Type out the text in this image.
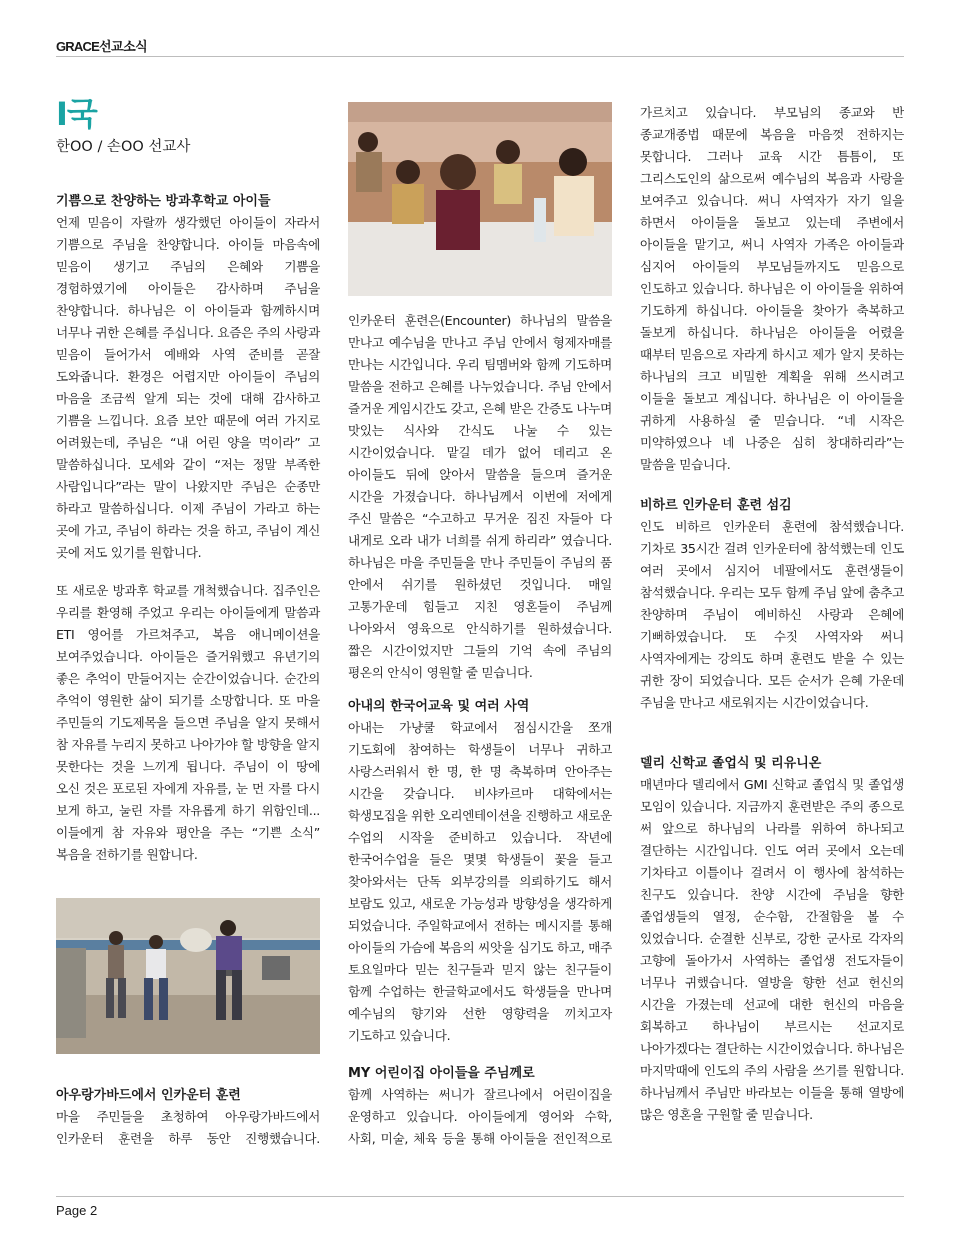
GRACE선교소식
I국
한OO / 손OO 선교사
기쁨으로 찬양하는 방과후학교 아이들

언제 믿음이 자랄까 생각했던 아이들이 자라서 기쁨으로 주님을 찬양합니다. 아이들 마음속에 믿음이 생기고 주님의 은혜와 기쁨을 경험하였기에 아이들은 감사하며 주님을 찬양합니다. 하나님은 이 아이들과 함께하시며 너무나 귀한 은혜를 주십니다. 요즘은 주의 사랑과 믿음이 들어가서 예배와 사역 준비를 곧잘 도와줍니다. 환경은 어렵지만 아이들이 주님의 마음을 조금씩 알게 되는 것에 대해 감사하고 기쁨을 느낍니다. 요즘 보안 때문에 여러 가지로 어려웠는데, 주님은 “내 어린 양을 먹이라” 고 말씀하십니다. 모세와 같이 “저는 정말 부족한 사람입니다”라는 말이 나왔지만 주님은 순종만 하라고 말씀하십니다. 이제 주님이 가라고 하는 곳에 가고, 주님이 하라는 것을 하고, 주님이 계신 곳에 저도 있기를 원합니다.

또 새로운 방과후 학교를 개척했습니다. 집주인은 우리를 환영해 주었고 우리는 아이들에게 말씀과 ETI 영어를 가르쳐주고, 복음 애니메이션을 보여주었습니다. 아이들은 즐거워했고 유년기의 좋은 추억이 만들어지는 순간이었습니다. 순간의 추억이 영원한 삶이 되기를 소망합니다. 또 마을 주민들의 기도제목을 들으면 주님을 알지 못해서 참 자유를 누리지 못하고 나아가야 할 방향을 알지 못한다는 것을 느끼게 됩니다. 주님이 이 땅에 오신 것은 포로된 자에게 자유를, 눈 먼 자를 다시 보게 하고, 눌린 자를 자유롭게 하기 위함인데... 이들에게 참 자유와 평안을 주는 “기쁜 소식” 복음을 전하기를 원합니다.

아우랑가바드에서 인카운터 훈련

마을 주민들을 초청하여 아우랑가바드에서 인카운터 훈련을 하루 동안 진행했습니다.

인카운터 훈련은(Encounter) 하나님의 말씀을 만나고 예수님을 만나고 주님 안에서 형제자매를 만나는 시간입니다. 우리 팀멤버와 함께 기도하며 말씀을 전하고 은혜를 나누었습니다. 주님 안에서 즐거운 게임시간도 갖고, 은혜 받은 간증도 나누며 맛있는 식사와 간식도 나눌 수 있는 시간이었습니다. 맡길 데가 없어 데리고 온 아이들도 뒤에 앉아서 말씀을 들으며 즐거운 시간을 가졌습니다. 하나님께서 이번에 저에게 주신 말씀은 “수고하고 무거운 짐진 자들아 다 내게로 오라 내가 너희를 쉬게 하리라” 였습니다. 하나님은 마을 주민들을 만나 주민들이 주님의 품 안에서 쉬기를 원하셨던 것입니다. 매일 고통가운데 힘들고 지친 영혼들이 주님께 나아와서 영육으로 안식하기를 원하셨습니다. 짧은 시간이었지만 그들의 기억 속에 주님의 평온의 안식이 영원할 줄 믿습니다.

아내의 한국어교육 및 여러 사역

아내는 가냥쿨 학교에서 점심시간을 쪼개 기도회에 참여하는 학생들이 너무나 귀하고 사랑스러워서 한 명, 한 명 축복하며 안아주는 시간을 갖습니다. 비샤카르마 대학에서는 학생모집을 위한 오리엔테이션을 진행하고 새로운 수업의 시작을 준비하고 있습니다. 작년에 한국어수업을 들은 몇몇 학생들이 꽃을 들고 찾아와서는 단독 외부강의를 의뢰하기도 해서 보람도 있고, 새로운 가능성과 방향성을 생각하게 되었습니다. 주일학교에서 전하는 메시지를 통해 아이들의 가슴에 복음의 씨앗을 심기도 하고, 매주 토요일마다 믿는 친구들과 믿지 않는 친구들이 함께 수업하는 한글학교에서도 학생들을 만나며 예수님의 향기와 선한 영향력을 끼치고자 기도하고 있습니다.

MY 어린이집 아이들을 주님께로

함께 사역하는 써니가 잘르나에서 어린이집을 운영하고 있습니다. 아이들에게 영어와 수학, 사회, 미술, 체육 등을 통해 아이들을 전인적으로

가르치고 있습니다. 부모님의 종교와 반 종교개종법 때문에 복음을 마음껏 전하지는 못합니다. 그러나 교육 시간 틈틈이, 또 그리스도인의 삶으로써 예수님의 복음과 사랑을 보여주고 있습니다. 써니 사역자가 자기 일을 하면서 아이들을 돌보고 있는데 주변에서 아이들을 맡기고, 써니 사역자 가족은 아이들과 심지어 아이들의 부모님들까지도 믿음으로 인도하고 있습니다. 하나님은 이 아이들을 위하여 기도하게 하십니다. 아이들을 찾아가 축복하고 돌보게 하십니다. 하나님은 아이들을 어렸을 때부터 믿음으로 자라게 하시고 제가 알지 못하는 하나님의 크고 비밀한 계획을 위해 쓰시려고 이들을 돌보고 계십니다. 하나님은 이 아이들을 귀하게 사용하실 줄 믿습니다. “네 시작은 미약하였으나 네 나중은 심히 창대하리라”는 말씀을 믿습니다.

비하르 인카운터 훈련 섬김

인도 비하르 인카운터 훈련에 참석했습니다. 기차로 35시간 걸려 인카운터에 참석했는데 인도 여러 곳에서 심지어 네팔에서도 훈련생들이 참석했습니다. 우리는 모두 함께 주님 앞에 춤추고 찬양하며 주님이 예비하신 사랑과 은혜에 기뻐하였습니다. 또 수짓 사역자와 써니 사역자에게는 강의도 하며 훈련도 받을 수 있는 귀한 장이 되었습니다. 모든 순서가 은혜 가운데 주님을 만나고 새로워지는 시간이었습니다.

델리 신학교 졸업식 및 리유니온

매년마다 델리에서 GMI 신학교 졸업식 및 졸업생 모임이 있습니다. 지금까지 훈련받은 주의 종으로 써 앞으로 하나님의 나라를 위하여 하나되고 결단하는 시간입니다. 인도 여러 곳에서 오는데 기차타고 이틀이나 걸려서 이 행사에 참석하는 친구도 있습니다. 찬양 시간에 주님을 향한 졸업생들의 열정, 순수함, 간절함을 볼 수 있었습니다. 순결한 신부로, 강한 군사로 각자의 고향에 돌아가서 사역하는 졸업생 전도자들이 너무나 귀했습니다. 열방을 향한 선교 헌신의 시간을 가졌는데 선교에 대한 헌신의 마음을 회복하고 하나님이 부르시는 선교지로 나아가겠다는 결단하는 시간이었습니다. 하나님은 마지막때에 인도의 주의 사람을 쓰기를 원합니다. 하나님께서 주님만 바라보는 이들을 통해 열방에 많은 영혼을 구원할 줄 믿습니다.

Page 2
